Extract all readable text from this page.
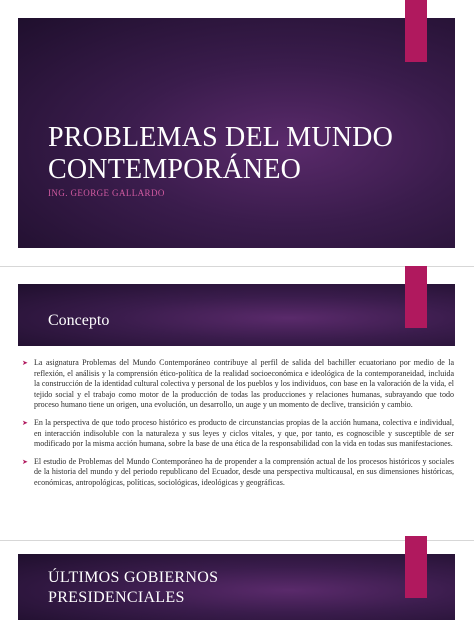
PROBLEMAS DEL MUNDO CONTEMPORÁNEO
ING. GEORGE GALLARDO
Concepto
➤ La asignatura Problemas del Mundo Contemporáneo contribuye al perfil de salida del bachiller ecuatoriano por medio de la reflexión, el análisis y la comprensión ético-política de la realidad socioeconómica e ideológica de la contemporaneidad, incluida la construcción de la identidad cultural colectiva y personal de los pueblos y los individuos, con base en la valoración de la vida, el tejido social y el trabajo como motor de la producción de todas las producciones y relaciones humanas, subrayando que todo proceso humano tiene un origen, una evolución, un desarrollo, un auge y un momento de declive, transición y cambio.
➤ En la perspectiva de que todo proceso histórico es producto de circunstancias propias de la acción humana, colectiva e individual, en interacción indisoluble con la naturaleza y sus leyes y ciclos vitales, y que, por tanto, es cognoscible y susceptible de ser modificado por la misma acción humana, sobre la base de una ética de la responsabilidad con la vida en todas sus manifestaciones.
➤ El estudio de Problemas del Mundo Contemporáneo ha de propender a la comprensión actual de los procesos históricos y sociales de la historia del mundo y del periodo republicano del Ecuador, desde una perspectiva multicausal, en sus dimensiones históricas, económicas, antropológicas, políticas, sociológicas, ideológicas y geográficas.
ÚLTIMOS GOBIERNOS PRESIDENCIALES
